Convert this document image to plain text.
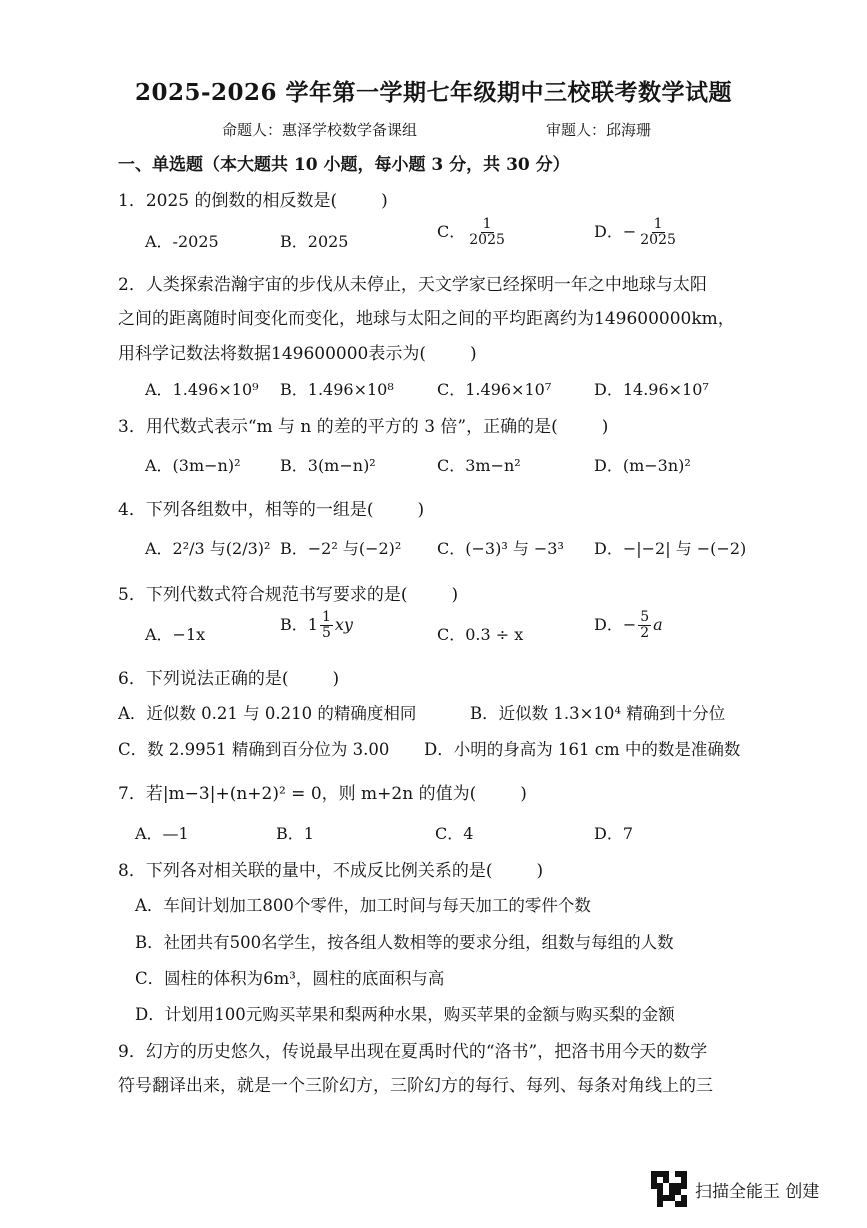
2025-2026 学年第一学期七年级期中三校联考数学试题
命题人：惠泽学校数学备课组	审题人：邱海珊
一、单选题（本大题共 10 小题，每小题 3 分，共 30 分）
1．2025 的倒数的相反数是(	)
A．-2025	B．2025
C． $\frac{1}{2025}$	D．− $\frac{1}{2025}$
2．人类探索浩瀚宇宙的步伐从未停止，天文学家已经探明一年之中地球与太阳
之间的距离随时间变化而变化，地球与太阳之间的平均距离约为149600000km，
用科学记数法将数据149600000表示为(	)
A．1.496×10⁹ B．1.496×10⁸	C．1.496×10⁷	D．14.96×10⁷
3．用代数式表示“m 与 n 的差的平方的 3 倍”，正确的是(	)
A．(3m−n)² B．3(m−n)²	C．3m−n²	D．(m−3n)²
4．下列各组数中，相等的一组是(	)
A．2²/3 与(2/3)² B．−2² 与(−2)² C．(−3)³ 与 −3³ D．−|−2| 与 −(−2)
5．下列代数式符合规范书写要求的是(	)
A．−1x
B．$1 \frac{1}{5}$ xy
C．0.3 ÷ x
D．− $\frac{5}{2}$ a
6．下列说法正确的是(	)
A．近似数 0.21 与 0.210 的精确度相同	B．近似数 1.3×10⁴ 精确到十分位
C．数 2.9951 精确到百分位为 3.00 D．小明的身高为 161 cm 中的数是准确数
7．若|m−3|+(n+2)² = 0，则 m+2n 的值为(	)
A．—1	B．1	C．4	D．7
8．下列各对相关联的量中，不成反比例关系的是(	)
A．车间计划加工800个零件，加工时间与每天加工的零件个数
B．社团共有500名学生，按各组人数相等的要求分组，组数与每组的人数
C．圆柱的体积为6m³，圆柱的底面积与高
D．计划用100元购买苹果和梨两种水果，购买苹果的金额与购买梨的金额
9．幻方的历史悠久，传说最早出现在夏禹时代的“洛书”，把洛书用今天的数学
符号翻译出来，就是一个三阶幻方，三阶幻方的每行、每列、每条对角线上的三
扫描全能王 创建
